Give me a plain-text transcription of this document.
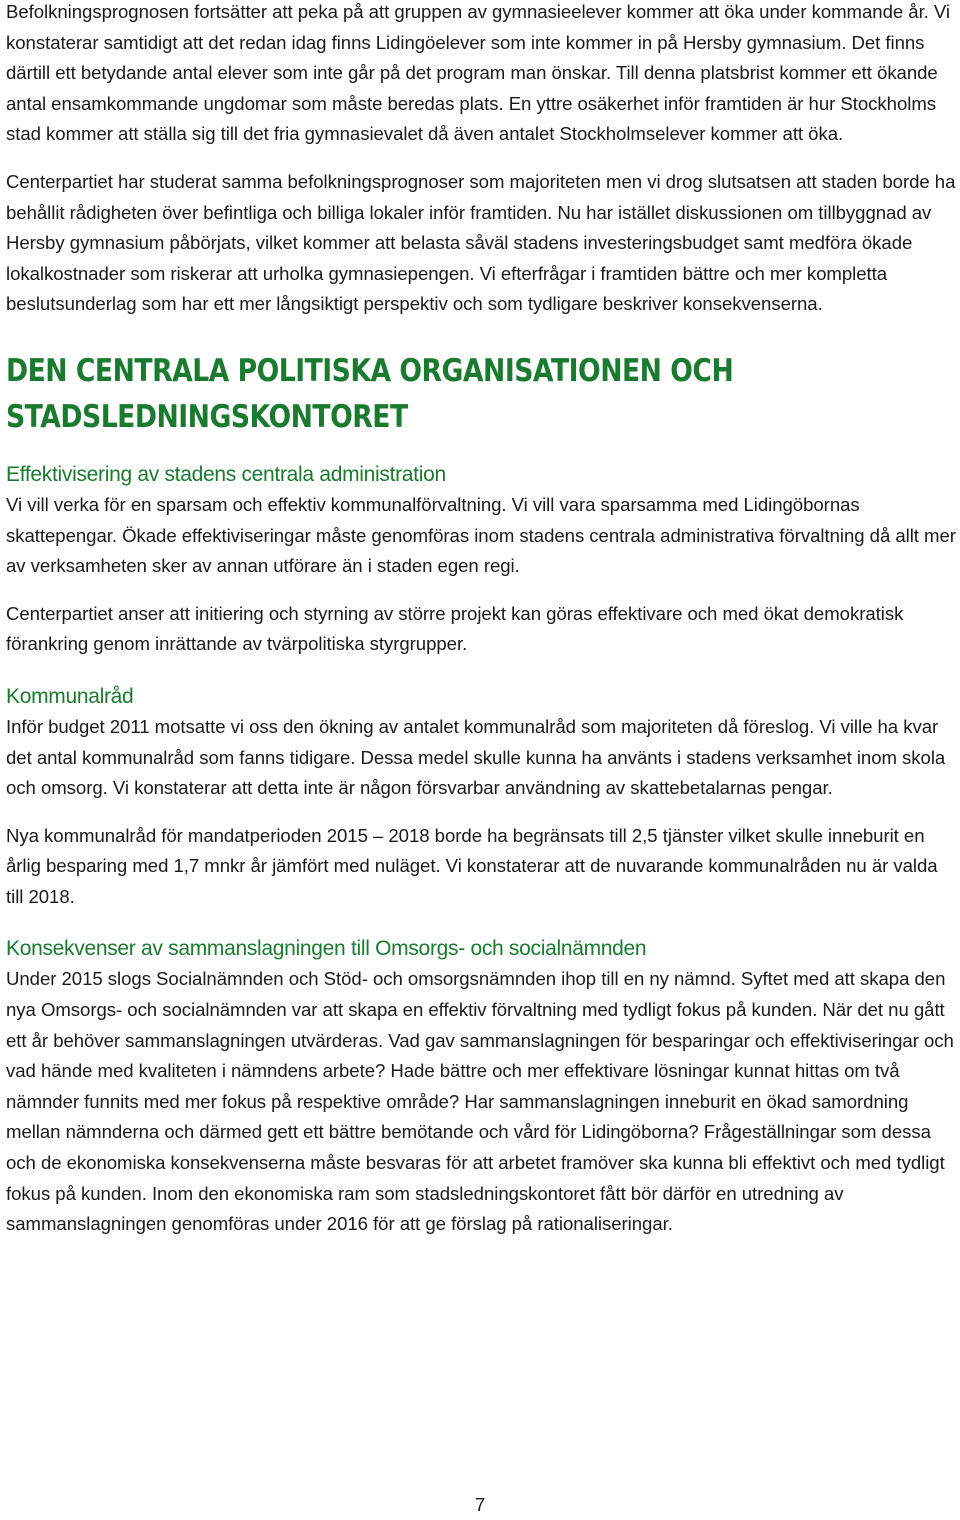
Befolkningsprognosen fortsätter att peka på att gruppen av gymnasieelever kommer att öka under kommande år. Vi konstaterar samtidigt att det redan idag finns Lidingöelever som inte kommer in på Hersby gymnasium. Det finns därtill ett betydande antal elever som inte går på det program man önskar. Till denna platsbrist kommer ett ökande antal ensamkommande ungdomar som måste beredas plats. En yttre osäkerhet inför framtiden är hur Stockholms stad kommer att ställa sig till det fria gymnasievalet då även antalet Stockholmselever kommer att öka.

Centerpartiet har studerat samma befolkningsprognoser som majoriteten men vi drog slutsatsen att staden borde ha behållit rådigheten över befintliga och billiga lokaler inför framtiden. Nu har istället diskussionen om tillbyggnad av Hersby gymnasium påbörjats, vilket kommer att belasta såväl stadens investeringsbudget samt medföra ökade lokalkostnader som riskerar att urholka gymnasiepengen. Vi efterfrågar i framtiden bättre och mer kompletta beslutsunderlag som har ett mer långsiktigt perspektiv och som tydligare beskriver konsekvenserna.

DEN CENTRALA POLITISKA ORGANISATIONEN OCH STADSLEDNINGSKONTORET
Effektivisering av stadens centrala administration

Vi vill verka för en sparsam och effektiv kommunalförvaltning. Vi vill vara sparsamma med Lidingöbornas skattepengar. Ökade effektiviseringar måste genomföras inom stadens centrala administrativa förvaltning då allt mer av verksamheten sker av annan utförare än i staden egen regi.

Centerpartiet anser att initiering och styrning av större projekt kan göras effektivare och med ökat demokratisk förankring genom inrättande av tvärpolitiska styrgrupper.

Kommunalråd

Inför budget 2011 motsatte vi oss den ökning av antalet kommunalråd som majoriteten då föreslog. Vi ville ha kvar det antal kommunalråd som fanns tidigare. Dessa medel skulle kunna ha använts i stadens verksamhet inom skola och omsorg. Vi konstaterar att detta inte är någon försvarbar användning av skattebetalarnas pengar.

Nya kommunalråd för mandatperioden 2015 – 2018 borde ha begränsats till 2,5 tjänster vilket skulle inneburit en årlig besparing med 1,7 mnkr år jämfört med nuläget. Vi konstaterar att de nuvarande kommunalråden nu är valda till 2018.

Konsekvenser av sammanslagningen till Omsorgs- och socialnämnden

Under 2015 slogs Socialnämnden och Stöd- och omsorgsnämnden ihop till en ny nämnd. Syftet med att skapa den nya Omsorgs- och socialnämnden var att skapa en effektiv förvaltning med tydligt fokus på kunden. När det nu gått ett år behöver sammanslagningen utvärderas. Vad gav sammanslagningen för besparingar och effektiviseringar och vad hände med kvaliteten i nämndens arbete? Hade bättre och mer effektivare lösningar kunnat hittas om två nämnder funnits med mer fokus på respektive område? Har sammanslagningen inneburit en ökad samordning mellan nämnderna och därmed gett ett bättre bemötande och vård för Lidingöborna? Frågeställningar som dessa och de ekonomiska konsekvenserna måste besvaras för att arbetet framöver ska kunna bli effektivt och med tydligt fokus på kunden. Inom den ekonomiska ram som stadsledningskontoret fått bör därför en utredning av sammanslagningen genomföras under 2016 för att ge förslag på rationaliseringar.

7
